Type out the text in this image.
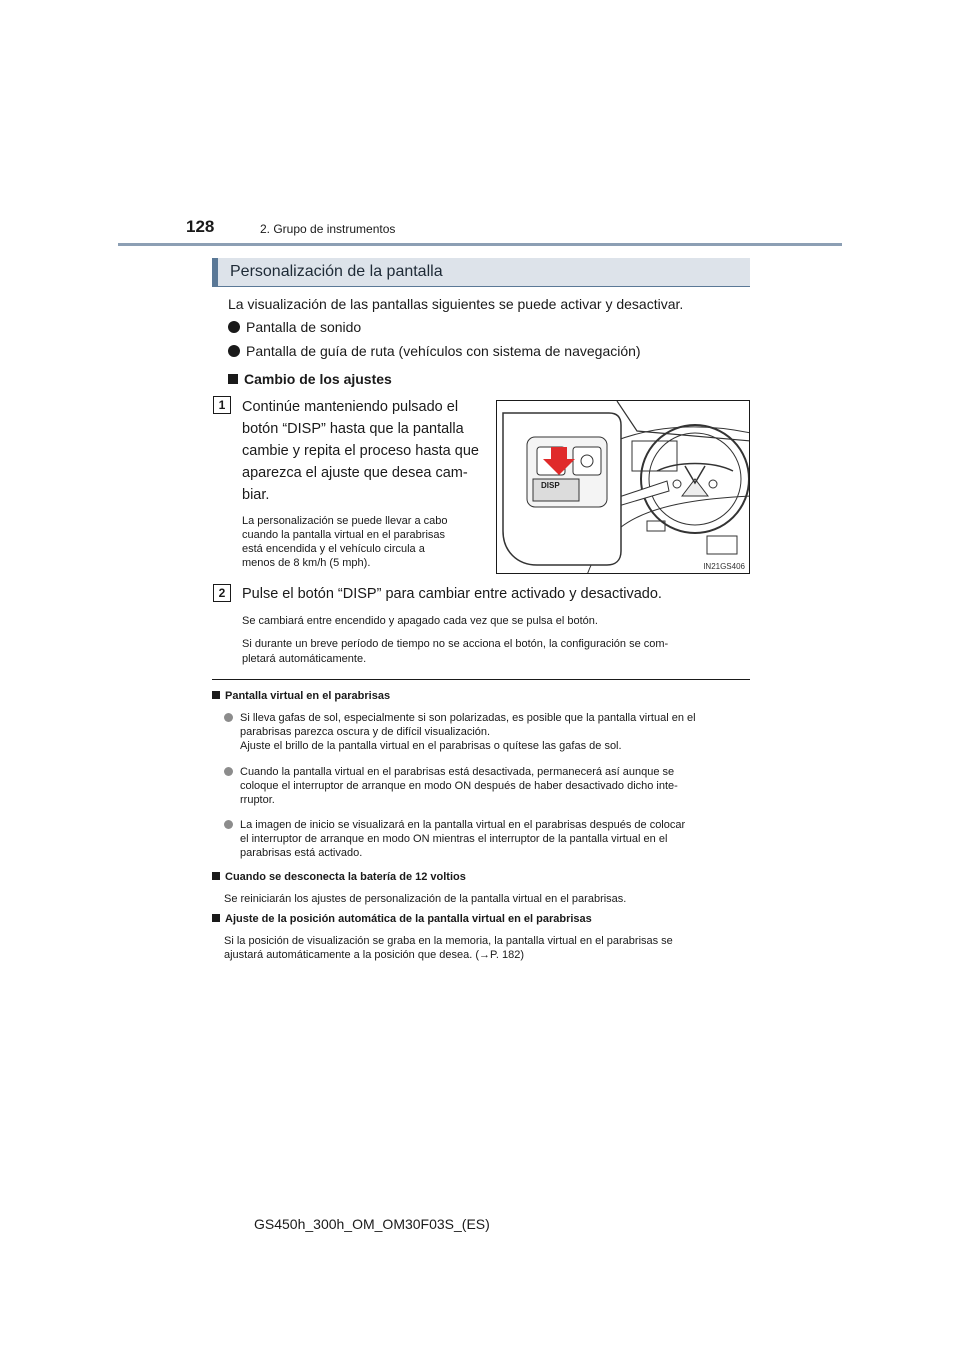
128	2. Grupo de instrumentos
Personalización de la pantalla
La visualización de las pantallas siguientes se puede activar y desactivar.
Pantalla de sonido
Pantalla de guía de ruta (vehículos con sistema de navegación)
Cambio de los ajustes
1	Continúe manteniendo pulsado el
botón “DISP” hasta que la pantalla
cambie y repita el proceso hasta que
aparezca el ajuste que desea cam-
biar.
La personalización se puede llevar a cabo
cuando la pantalla virtual en el parabrisas
está encendida y el vehículo circula a
menos de 8 km/h (5 mph).
DISP
IN21GS406
2	Pulse el botón “DISP” para cambiar entre activado y desactivado.
Se cambiará entre encendido y apagado cada vez que se pulsa el botón.
Si durante un breve período de tiempo no se acciona el botón, la configuración se com-
pletará automáticamente.
Pantalla virtual en el parabrisas
Si lleva gafas de sol, especialmente si son polarizadas, es posible que la pantalla virtual en el
parabrisas parezca oscura y de difícil visualización.
Ajuste el brillo de la pantalla virtual en el parabrisas o quítese las gafas de sol.
Cuando la pantalla virtual en el parabrisas está desactivada, permanecerá así aunque se
coloque el interruptor de arranque en modo ON después de haber desactivado dicho inte-
rruptor.
La imagen de inicio se visualizará en la pantalla virtual en el parabrisas después de colocar
el interruptor de arranque en modo ON mientras el interruptor de la pantalla virtual en el
parabrisas está activado.
Cuando se desconecta la batería de 12 voltios
Se reiniciarán los ajustes de personalización de la pantalla virtual en el parabrisas.
Ajuste de la posición automática de la pantalla virtual en el parabrisas
Si la posición de visualización se graba en la memoria, la pantalla virtual en el parabrisas se
ajustará automáticamente a la posición que desea. (→P. 182)
GS450h_300h_OM_OM30F03S_(ES)
